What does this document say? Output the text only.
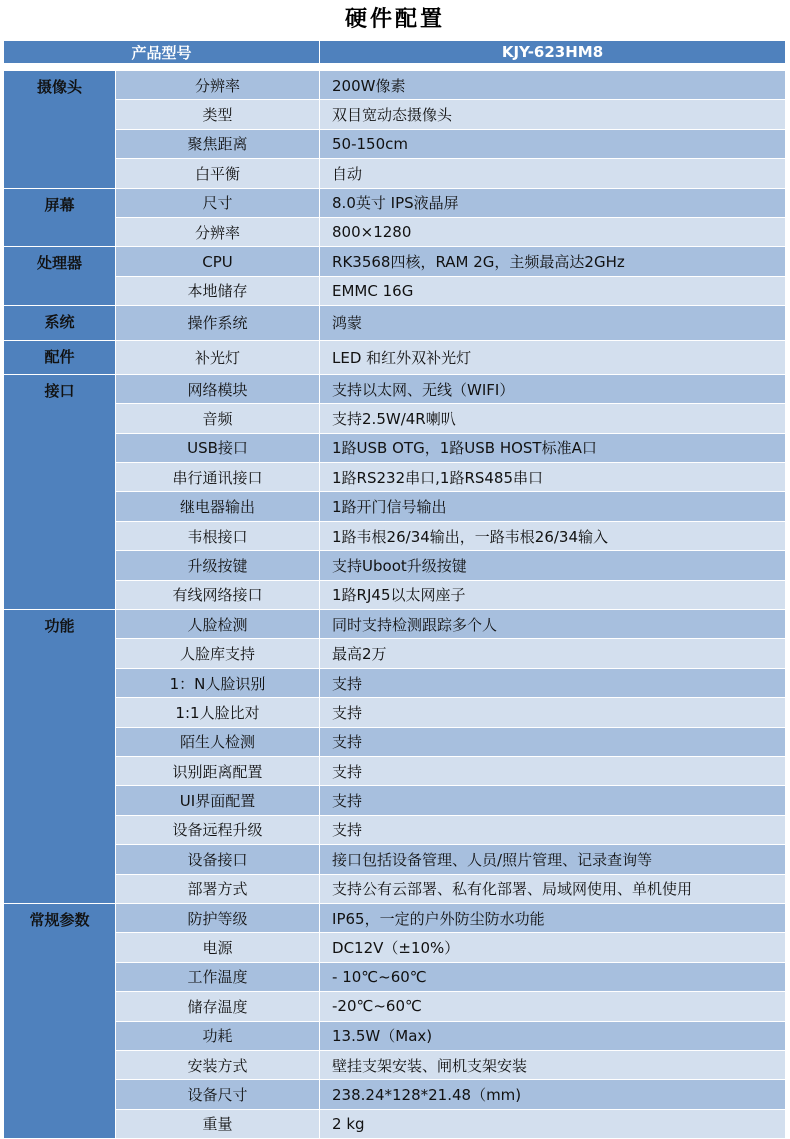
硬件配置
产品型号		KJY-623HM8

摄像头	分辨率	200W像素
	类型	双目宽动态摄像头
	聚焦距离	50-150cm
	白平衡	自动
屏幕	尺寸	8.0英寸 IPS液晶屏
	分辨率	800×1280
处理器	CPU	RK3568四核，RAM 2G，主频最高达2GHz
	本地储存	EMMC 16G
系统	操作系统	鸿蒙
配件	补光灯	LED 和红外双补光灯
接口	网络模块	支持以太网、无线（WIFI）
	音频	支持2.5W/4R喇叭
	USB接口	1路USB OTG，1路USB HOST标准A口
	串行通讯接口	1路RS232串口,1路RS485串口
	继电器输出	1路开门信号输出
	韦根接口	1路韦根26/34输出，一路韦根26/34输入
	升级按键	支持Uboot升级按键
	有线网络接口	1路RJ45以太网座子
功能	人脸检测	同时支持检测跟踪多个人
	人脸库支持	最高2万
	1：N人脸识别	支持
	1:1人脸比对	支持
	陌生人检测	支持
	识别距离配置	支持
	UI界面配置	支持
	设备远程升级	支持
	设备接口	接口包括设备管理、人员/照片管理、记录查询等
	部署方式	支持公有云部署、私有化部署、局域网使用、单机使用
常规参数	防护等级	IP65，一定的户外防尘防水功能
	电源	DC12V（±10%）
	工作温度	- 10℃~60℃
	储存温度	-20℃~60℃
	功耗	13.5W（Max)
	安装方式	壁挂支架安装、闸机支架安装
	设备尺寸	238.24*128*21.48（mm)
	重量	2 kg
